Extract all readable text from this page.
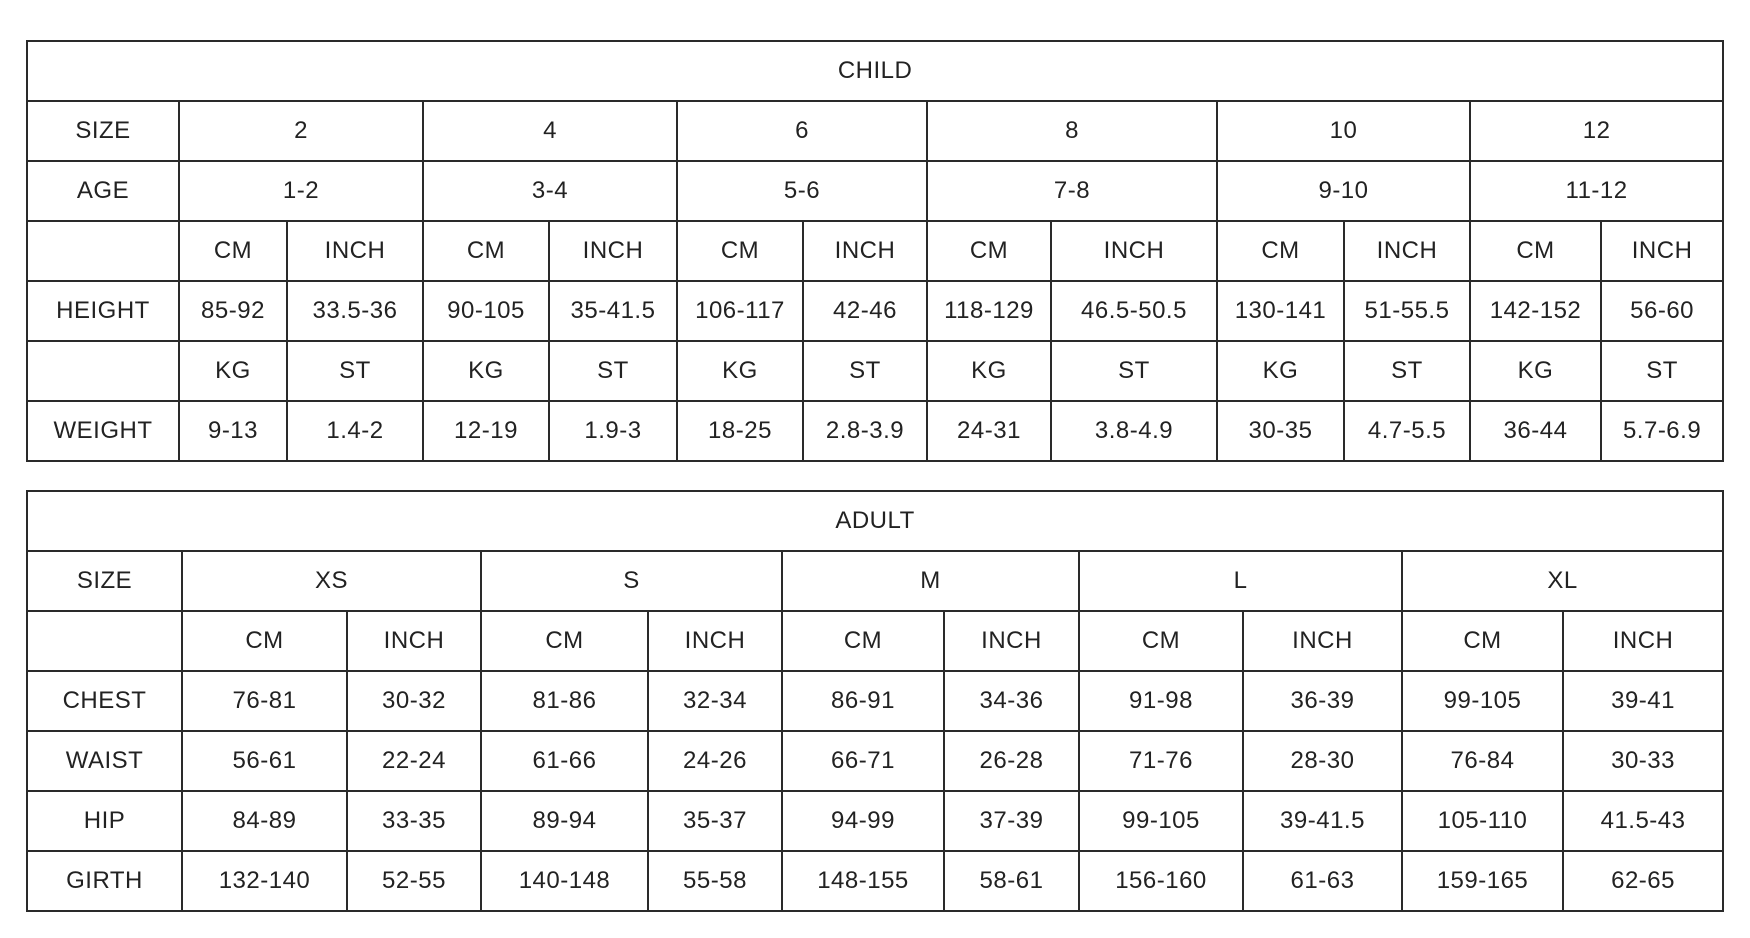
CHILD												
SIZE	2		4		6		8		10		12	
AGE	1-2		3-4		5-6		7-8		9-10		11-12	
	CM	INCH	CM	INCH	CM	INCH	CM	INCH	CM	INCH	CM	INCH
HEIGHT	85-92	33.5-36	90-105	35-41.5	106-117	42-46	118-129	46.5-50.5	130-141	51-55.5	142-152	56-60
	KG	ST	KG	ST	KG	ST	KG	ST	KG	ST	KG	ST
WEIGHT	9-13	1.4-2	12-19	1.9-3	18-25	2.8-3.9	24-31	3.8-4.9	30-35	4.7-5.5	36-44	5.7-6.9
ADULT										
SIZE	XS		S		M		L		XL	
	CM	INCH	CM	INCH	CM	INCH	CM	INCH	CM	INCH
CHEST	76-81	30-32	81-86	32-34	86-91	34-36	91-98	36-39	99-105	39-41
WAIST	56-61	22-24	61-66	24-26	66-71	26-28	71-76	28-30	76-84	30-33
HIP	84-89	33-35	89-94	35-37	94-99	37-39	99-105	39-41.5	105-110	41.5-43
GIRTH	132-140	52-55	140-148	55-58	148-155	58-61	156-160	61-63	159-165	62-65
